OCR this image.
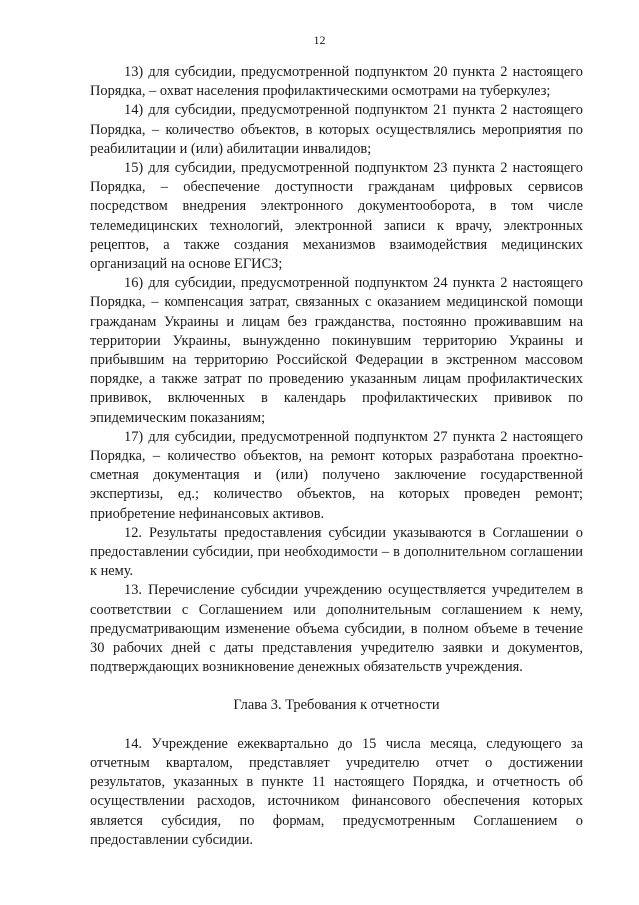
12

13) для субсидии, предусмотренной подпунктом 20 пункта 2 настоящего Порядка, – охват населения профилактическими осмотрами на туберкулез;

14) для субсидии, предусмотренной подпунктом 21 пункта 2 настоящего Порядка, – количество объектов, в которых осуществлялись мероприятия по реабилитации и (или) абилитации инвалидов;

15) для субсидии, предусмотренной подпунктом 23 пункта 2 настоящего Порядка, – обеспечение доступности гражданам цифровых сервисов посредством внедрения электронного документооборота, в том числе телемедицинских технологий, электронной записи к врачу, электронных рецептов, а также создания механизмов взаимодействия медицинских организаций на основе ЕГИСЗ;

16) для субсидии, предусмотренной подпунктом 24 пункта 2 настоящего Порядка, – компенсация затрат, связанных с оказанием медицинской помощи гражданам Украины и лицам без гражданства, постоянно проживавшим на территории Украины, вынужденно покинувшим территорию Украины и прибывшим на территорию Российской Федерации в экстренном массовом порядке, а также затрат по проведению указанным лицам профилактических прививок, включенных в календарь профилактических прививок по эпидемическим показаниям;

17) для субсидии, предусмотренной подпунктом 27 пункта 2 настоящего Порядка, – количество объектов, на ремонт которых разработана проектно-сметная документация и (или) получено заключение государственной экспертизы, ед.; количество объектов, на которых проведен ремонт; приобретение нефинансовых активов.

12. Результаты предоставления субсидии указываются в Соглашении о предоставлении субсидии, при необходимости – в дополнительном соглашении к нему.

13. Перечисление субсидии учреждению осуществляется учредителем в соответствии с Соглашением или дополнительным соглашением к нему, предусматривающим изменение объема субсидии, в полном объеме в течение 30 рабочих дней с даты представления учредителю заявки и документов, подтверждающих возникновение денежных обязательств учреждения.

Глава 3. Требования к отчетности

14. Учреждение ежеквартально до 15 числа месяца, следующего за отчетным кварталом, представляет учредителю отчет о достижении результатов, указанных в пункте 11 настоящего Порядка, и отчетность об осуществлении расходов, источником финансового обеспечения которых является субсидия, по формам, предусмотренным Соглашением о предоставлении субсидии.
